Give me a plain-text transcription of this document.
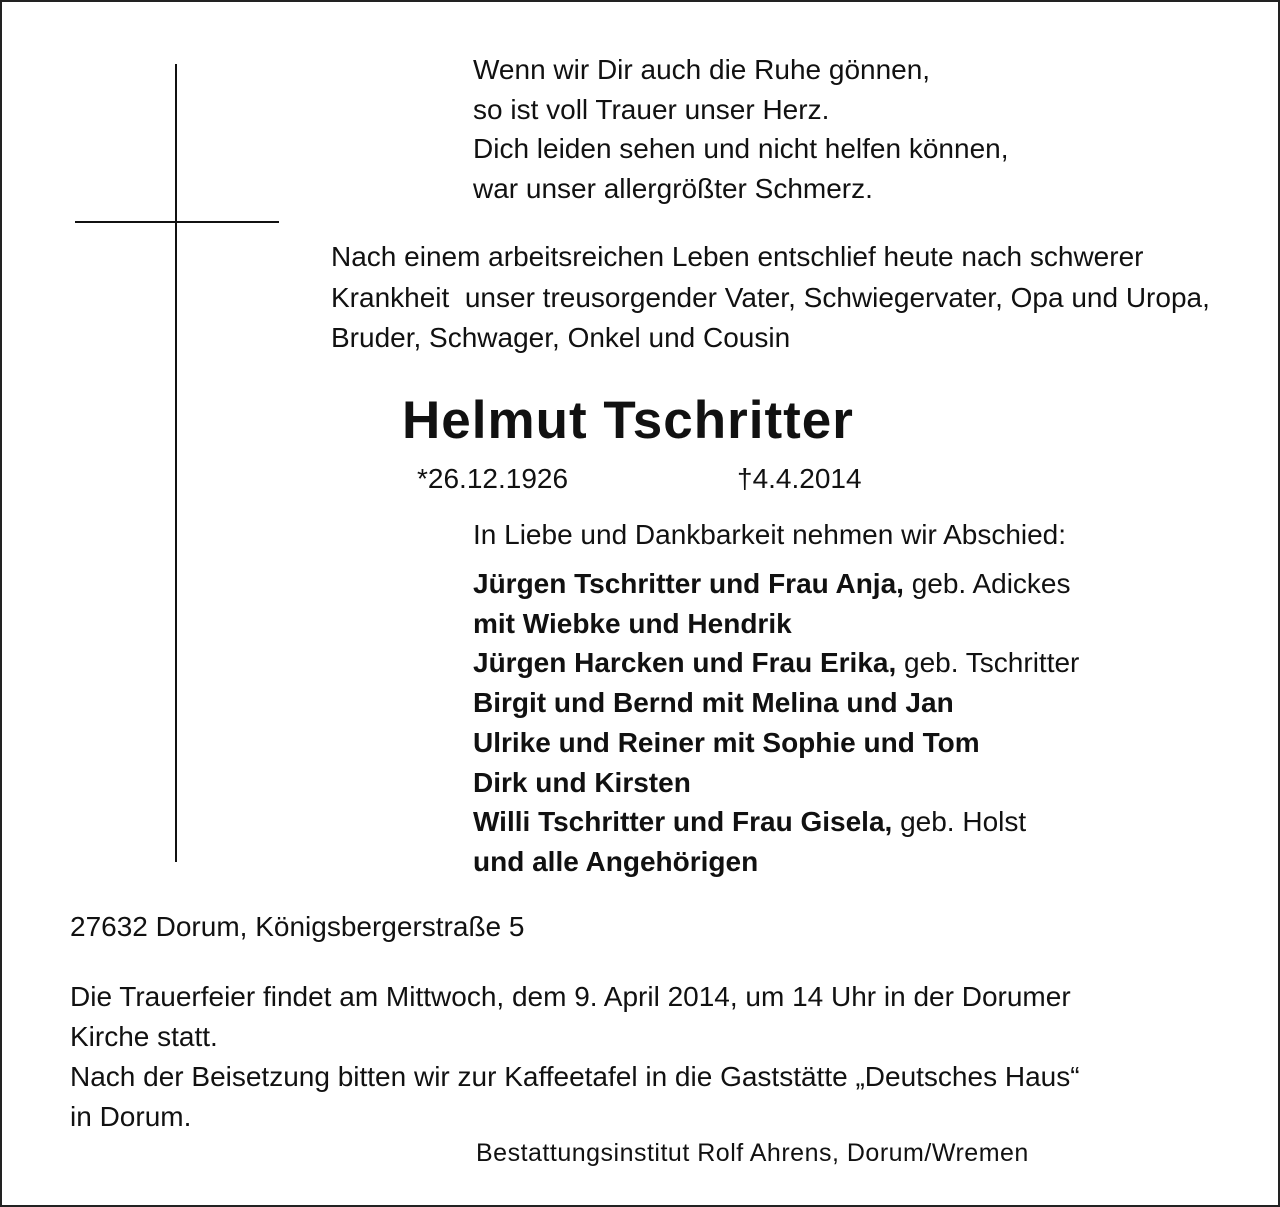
Wenn wir Dir auch die Ruhe gönnen,
so ist voll Trauer unser Herz.
Dich leiden sehen und nicht helfen können,
war unser allergrößter Schmerz.
Nach einem arbeitsreichen Leben entschlief heute nach schwerer
Krankheit  unser treusorgender Vater, Schwiegervater, Opa und Uropa,
Bruder, Schwager, Onkel und Cousin
Helmut Tschritter
*26.12.1926	†4.4.2014
In Liebe und Dankbarkeit nehmen wir Abschied:
Jürgen Tschritter und Frau Anja, geb. Adickes
mit Wiebke und Hendrik
Jürgen Harcken und Frau Erika, geb. Tschritter
Birgit und Bernd mit Melina und Jan
Ulrike und Reiner mit Sophie und Tom
Dirk und Kirsten
Willi Tschritter und Frau Gisela, geb. Holst
und alle Angehörigen
27632 Dorum, Königsbergerstraße 5
Die Trauerfeier findet am Mittwoch, dem 9. April 2014, um 14 Uhr in der Dorumer
Kirche statt.
Nach der Beisetzung bitten wir zur Kaffeetafel in die Gaststätte „Deutsches Haus“
in Dorum.
Bestattungsinstitut Rolf Ahrens, Dorum/Wremen
